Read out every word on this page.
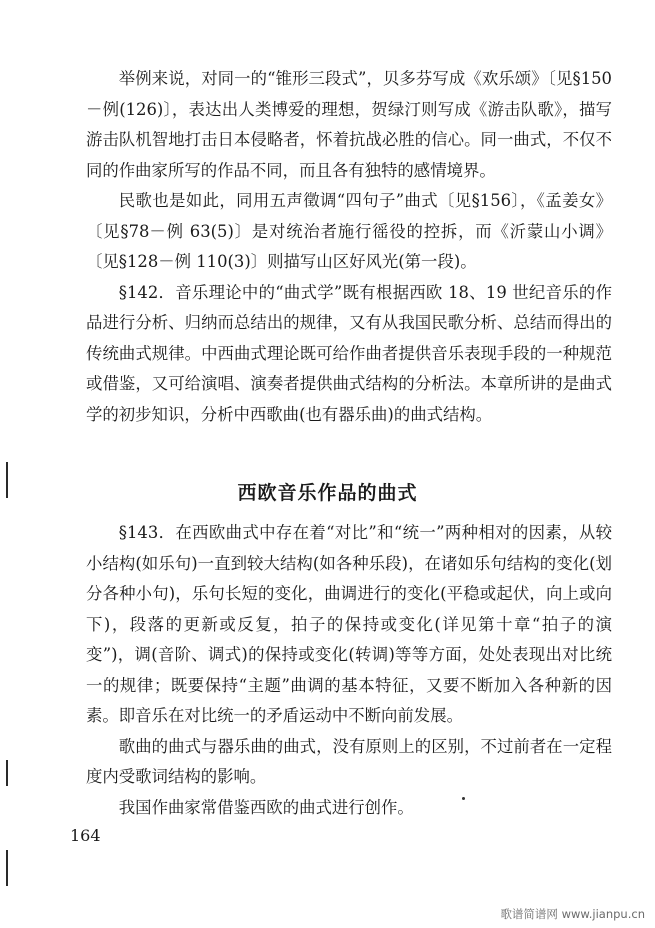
举例来说，对同一的“锥形三段式”，贝多芬写成《欢乐颂》〔见§150－例(126)〕，表达出人类博爱的理想，贺绿汀则写成《游击队歌》，描写游击队机智地打击日本侵略者，怀着抗战必胜的信心。同一曲式，不仅不同的作曲家所写的作品不同，而且各有独特的感情境界。

民歌也是如此，同用五声徵调“四句子”曲式〔见§156〕，《孟姜女》〔见§78－例 63(5)〕是对统治者施行徭役的控拆，而《沂蒙山小调》〔见§128－例 110(3)〕则描写山区好风光(第一段)。

§142．音乐理论中的“曲式学”既有根据西欧 18、19 世纪音乐的作品进行分析、归纳而总结出的规律，又有从我国民歌分析、总结而得出的传统曲式规律。中西曲式理论既可给作曲者提供音乐表现手段的一种规范或借鉴，又可给演唱、演奏者提供曲式结构的分析法。本章所讲的是曲式学的初步知识，分析中西歌曲(也有器乐曲)的曲式结构。

西欧音乐作品的曲式

§143．在西欧曲式中存在着“对比”和“统一”两种相对的因素，从较小结构(如乐句)一直到较大结构(如各种乐段)，在诸如乐句结构的变化(划分各种小句)，乐句长短的变化，曲调进行的变化(平稳或起伏，向上或向下)，段落的更新或反复，拍子的保持或变化(详见第十章“拍子的演变”)，调(音阶、调式)的保持或变化(转调)等等方面，处处表现出对比统一的规律；既要保持“主题”曲调的基本特征，又要不断加入各种新的因素。即音乐在对比统一的矛盾运动中不断向前发展。

歌曲的曲式与器乐曲的曲式，没有原则上的区别，不过前者在一定程度内受歌词结构的影响。

我国作曲家常借鉴西欧的曲式进行创作。

164
歌谱简谱网 www.jianpu.cn
